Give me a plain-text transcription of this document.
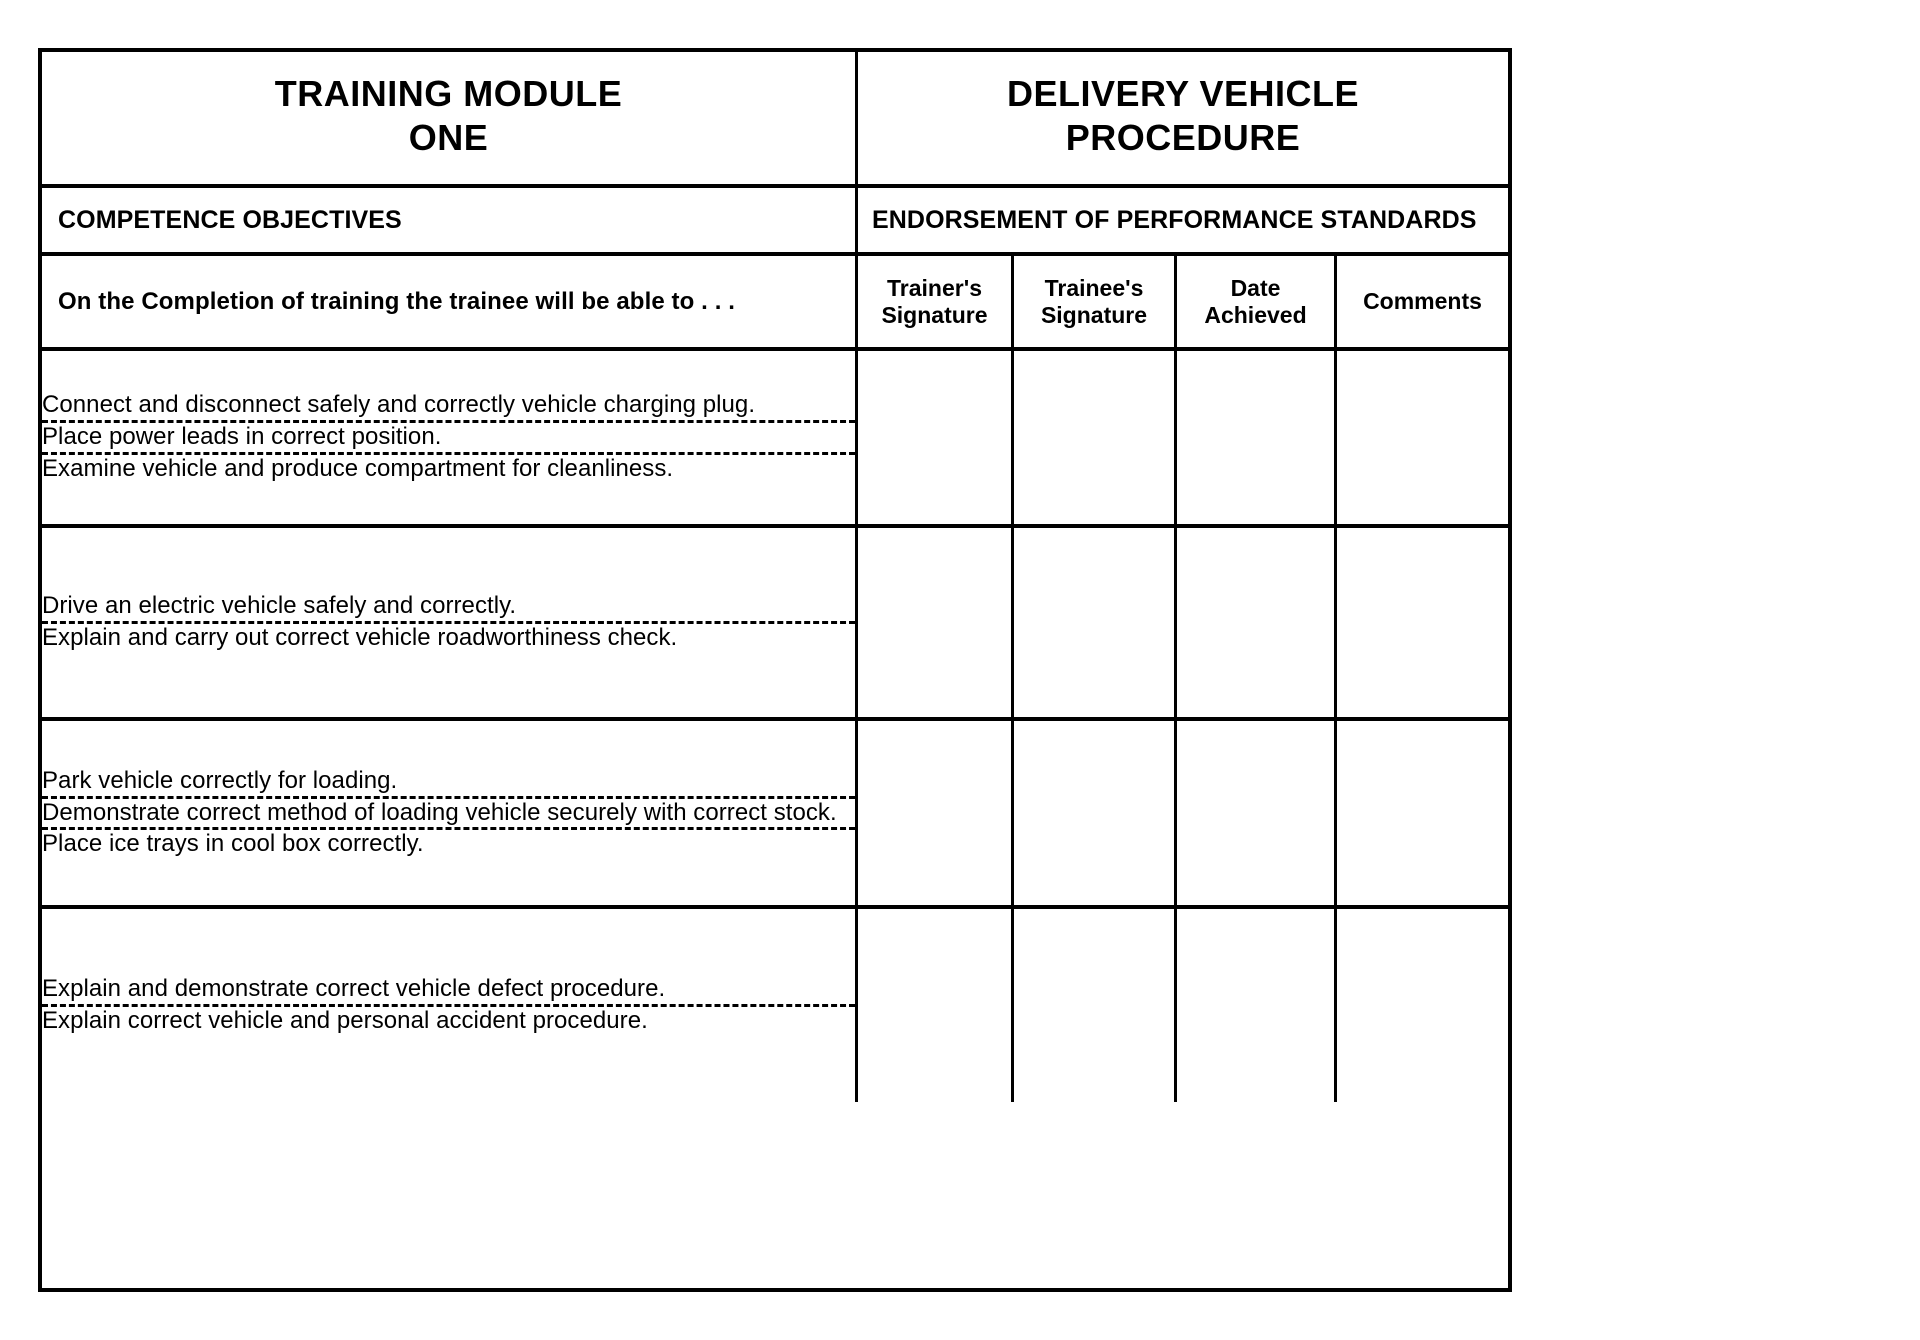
TRAINING MODULE
ONE
DELIVERY VEHICLE
PROCEDURE
COMPETENCE OBJECTIVES	ENDORSEMENT OF PERFORMANCE STANDARDS
On the Completion of training the trainee will be able to . . .	Trainer's
Signature
Trainee's
Signature
Date
Achieved
Comments
Connect and disconnect safely and correctly vehicle charging plug.
Place power leads in correct position.
Examine vehicle and produce compartment for cleanliness.
Drive an electric vehicle safely and correctly.
Explain and carry out correct vehicle roadworthiness check.
Park vehicle correctly for loading.
Demonstrate correct method of loading vehicle securely with correct stock.
Place ice trays in cool box correctly.
Explain and demonstrate correct vehicle defect procedure.
Explain correct vehicle and personal accident procedure.
